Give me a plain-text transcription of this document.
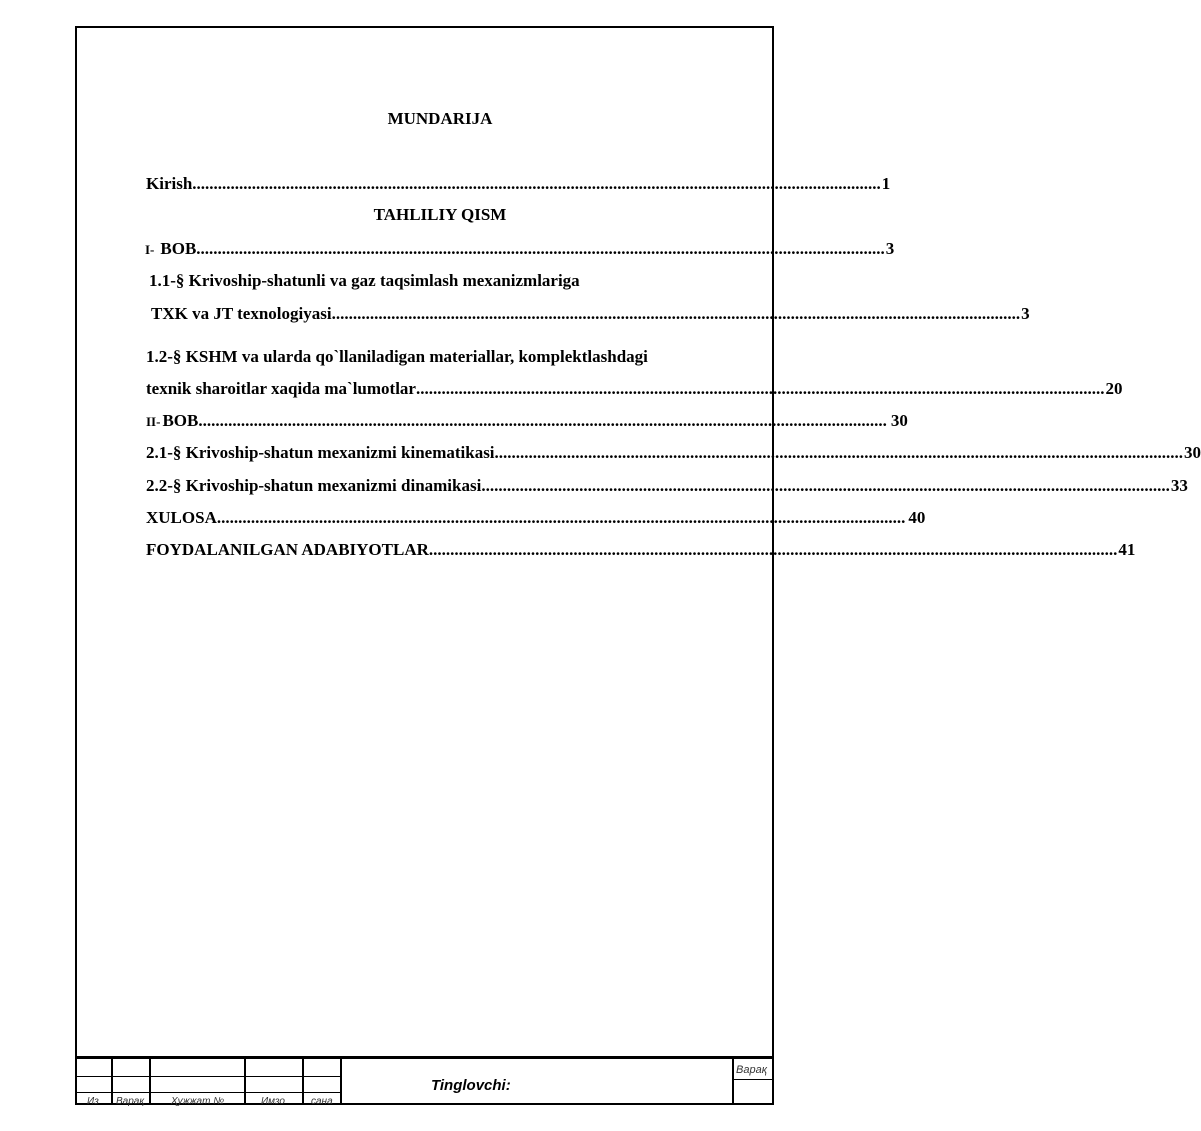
MUNDARIJA
Kirish .................................................................................................................................................................. 1
TAHLILIY QISM
I- BOB .................................................................................................................................................................. 3
1.1-§ Krivoship-shatunli va gaz taqsimlash mexanizmlariga
TXK va JT texnologiyasi .................................................................................................................................................................. 3
1.2-§ KSHM va ularda qo`llaniladigan materiallar, komplektlashdagi
texnik sharoitlar xaqida ma`lumotlar .................................................................................................................................................................. 20
II- BOB .................................................................................................................................................................. 30
2.1-§ Krivoship-shatun mexanizmi kinematikasi .................................................................................................................................................................. 30
2.2-§ Krivoship-shatun mexanizmi dinamikasi .................................................................................................................................................................. 33
XULOSA .................................................................................................................................................................. 40
FOYDALANILGAN ADABIYOTLAR .................................................................................................................................................................. 41
Из Варақ	Ҳужжат №	Имзо	сана
Tinglovchi:
Варақ
